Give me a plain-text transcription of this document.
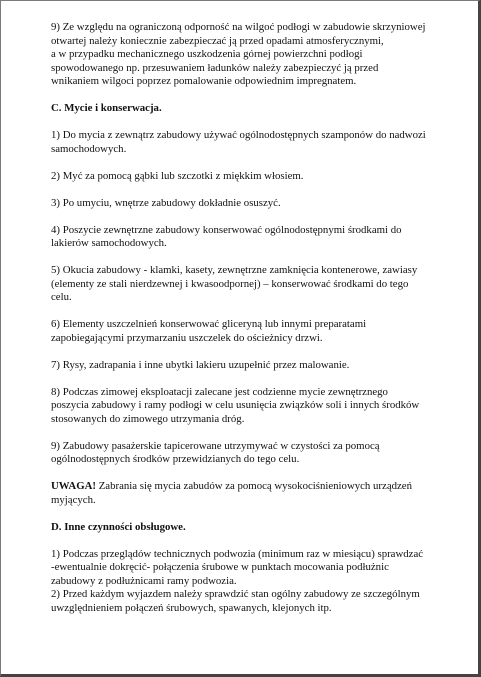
9) Ze względu na ograniczoną odporność na wilgoć podłogi w zabudowie skrzyniowej
otwartej należy koniecznie zabezpieczać ją przed opadami atmosferycznymi,
a w przypadku mechanicznego uszkodzenia górnej powierzchni podłogi
spowodowanego np. przesuwaniem ładunków należy zabezpieczyć ją przed
wnikaniem wilgoci poprzez pomalowanie odpowiednim impregnatem.

C. Mycie i konserwacja.

1) Do mycia z zewnątrz zabudowy używać ogólnodostępnych szamponów do nadwozi
samochodowych.

2) Myć za pomocą gąbki lub szczotki z miękkim włosiem.

3) Po umyciu, wnętrze zabudowy dokładnie osuszyć.

4) Poszycie zewnętrzne zabudowy konserwować ogólnodostępnymi środkami do
lakierów samochodowych.

5) Okucia zabudowy - klamki, kasety, zewnętrzne zamknięcia kontenerowe, zawiasy
(elementy ze stali nierdzewnej i kwasoodpornej) – konserwować środkami do tego
celu.

6) Elementy uszczelnień konserwować gliceryną lub innymi preparatami
zapobiegającymi przymarzaniu uszczelek do ościeżnicy drzwi.

7) Rysy, zadrapania i inne ubytki lakieru uzupełnić przez malowanie.

8) Podczas zimowej eksploatacji zalecane jest codzienne mycie zewnętrznego
poszycia zabudowy i ramy podłogi w celu usunięcia związków soli i innych środków
stosowanych do zimowego utrzymania dróg.

9) Zabudowy pasażerskie tapicerowane utrzymywać w czystości za pomocą
ogólnodostępnych środków przewidzianych do tego celu.

UWAGA! Zabrania się mycia zabudów za pomocą wysokociśnieniowych urządzeń
myjących.

D. Inne czynności obsługowe.

1) Podczas przeglądów technicznych podwozia (minimum raz w miesiącu) sprawdzać
-ewentualnie dokręcić- połączenia śrubowe w punktach mocowania podłużnic
zabudowy z podłużnicami ramy podwozia.

2) Przed każdym wyjazdem należy sprawdzić stan ogólny zabudowy ze szczególnym
uwzględnieniem połączeń śrubowych, spawanych, klejonych itp.
